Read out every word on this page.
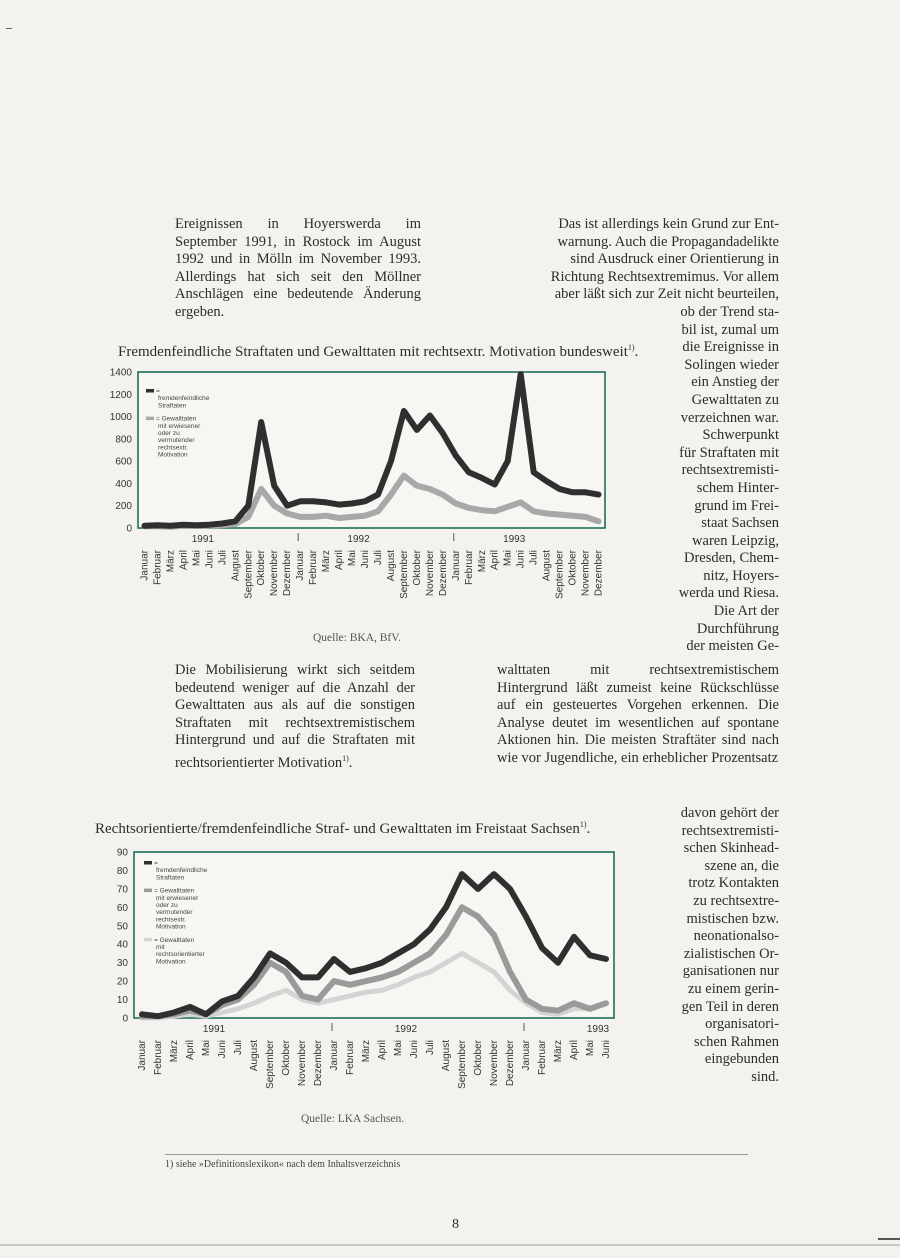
Ereignissen in Hoyerswerda im September 1991, in Rostock im August 1992 und in Mölln im November 1993. Allerdings hat sich seit den Möllner Anschlägen eine bedeutende Änderung ergeben.

Das ist allerdings kein Grund zur Ent-
warnung. Auch die Propagandadelikte
sind Ausdruck einer Orientierung in
Richtung Rechtsextremimus. Vor allem
aber läßt sich zur Zeit nicht beurteilen,
ob der Trend sta-
bil ist, zumal um
die Ereignisse in
Solingen wieder
ein Anstieg der
Gewalttaten zu
verzeichnen war.
Schwerpunkt
für Straftaten mit
rechtsextremisti-
schem Hinter-
grund im Frei-
staat Sachsen
waren Leipzig,
Dresden, Chem-
nitz, Hoyers-
werda und Riesa.
Die Art der
Durchführung
der meisten Ge-
Fremdenfeindliche Straftaten und Gewalttaten mit rechtsextr. Motivation bundesweit$^{1)}$.
1400
1200
1000
800
600
400
200
0
1991	1992	1993
Januar Februar März April Mai Juni Juli August September Oktober November Dezember Januar Februar März April Mai Juni Juli August September Oktober November Dezember Januar Februar März April Mai Juni Juli August September Oktober November Dezember
= fremdenfeindliche Straftaten
= Gewalttaten mit erwiesener oder zu vermutender rechtsextr. Motivation
Quelle: BKA, BfV.

Die Mobilisierung wirkt sich seitdem bedeutend weniger auf die Anzahl der Gewalttaten aus als auf die sonstigen Straftaten mit rechtsextremistischem Hintergrund und auf die Straftaten mit rechtsorientierter Motivation$^{1)}$.

walttaten mit rechtsextremistischem Hintergrund läßt zumeist keine Rückschlüsse auf ein gesteuertes Vorgehen erkennen. Die Analyse deutet im wesentlichen auf spontane Aktionen hin. Die meisten Straftäter sind nach wie vor Jugendliche, ein erheblicher Prozentsatz

Rechtsorientierte/fremdenfeindliche Straf- und Gewalttaten im Freistaat Sachsen$^{1)}$.
davon gehört der
rechtsextremisti-
schen Skinhead-
szene an, die
trotz Kontakten
zu rechtsextre-
mistischen bzw.
neonationalso-
zialistischen Or-
ganisationen nur
zu einem gerin-
gen Teil in deren
organisatori-
schen Rahmen
eingebunden
sind.
90
80
70
60
50
40
30
20
10
0
1991	1992	1993
Januar Februar März April Mai Juni Juli August September Oktober November Dezember Januar Februar März April Mai Juni Juli August September Oktober November Dezember Januar Februar März April Mai Juni
= fremdenfeindliche Straftaten
= Gewalttaten mit erwiesener oder zu vermutender rechtsextr. Motivation
= Gewalttaten mit rechtsorientierter Motivation
Quelle: LKA Sachsen.
1) siehe »Definitionslexikon« nach dem Inhaltsverzeichnis
8
